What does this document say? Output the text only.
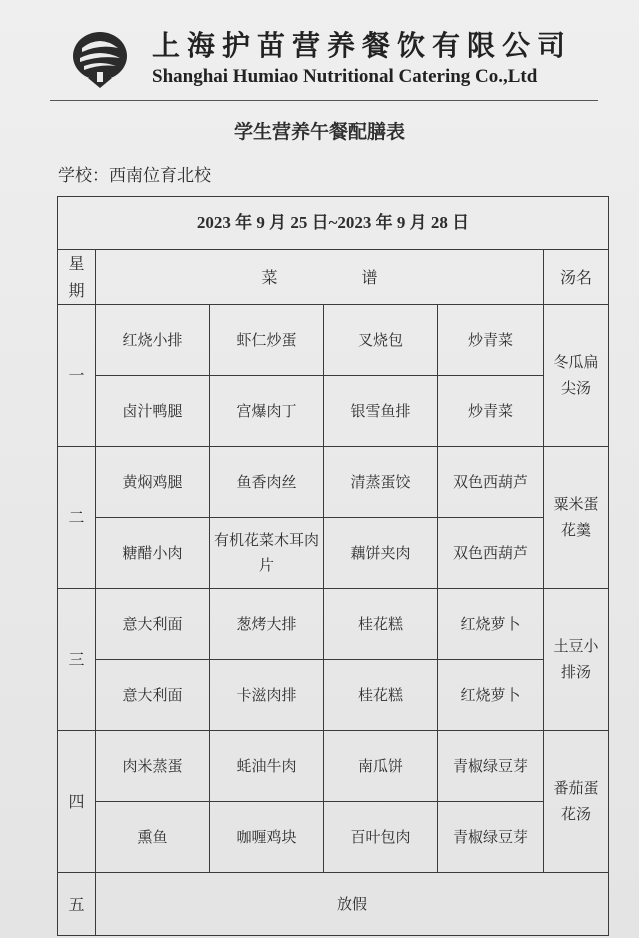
上海护苗营养餐饮有限公司
Shanghai Humiao Nutritional Catering Co.,Ltd
学生营养午餐配膳表
学校：西南位育北校
2023 年 9 月 25 日~2023 年 9 月 28 日					
星期	菜 谱				汤名
一	红烧小排	虾仁炒蛋	叉烧包	炒青菜	冬瓜扁
尖汤
	卤汁鸭腿	宫爆肉丁	银雪鱼排	炒青菜	
二	黄焖鸡腿	鱼香肉丝	清蒸蛋饺	双色西葫芦	粟米蛋
花羹
	糖醋小肉	有机花菜木耳肉片	藕饼夹肉	双色西葫芦	
三	意大利面	葱烤大排	桂花糕	红烧萝卜	土豆小
排汤
	意大利面	卡滋肉排	桂花糕	红烧萝卜	
四	肉米蒸蛋	蚝油牛肉	南瓜饼	青椒绿豆芽	番茄蛋
花汤
	熏鱼	咖喱鸡块	百叶包肉	青椒绿豆芽	
五	放假				
